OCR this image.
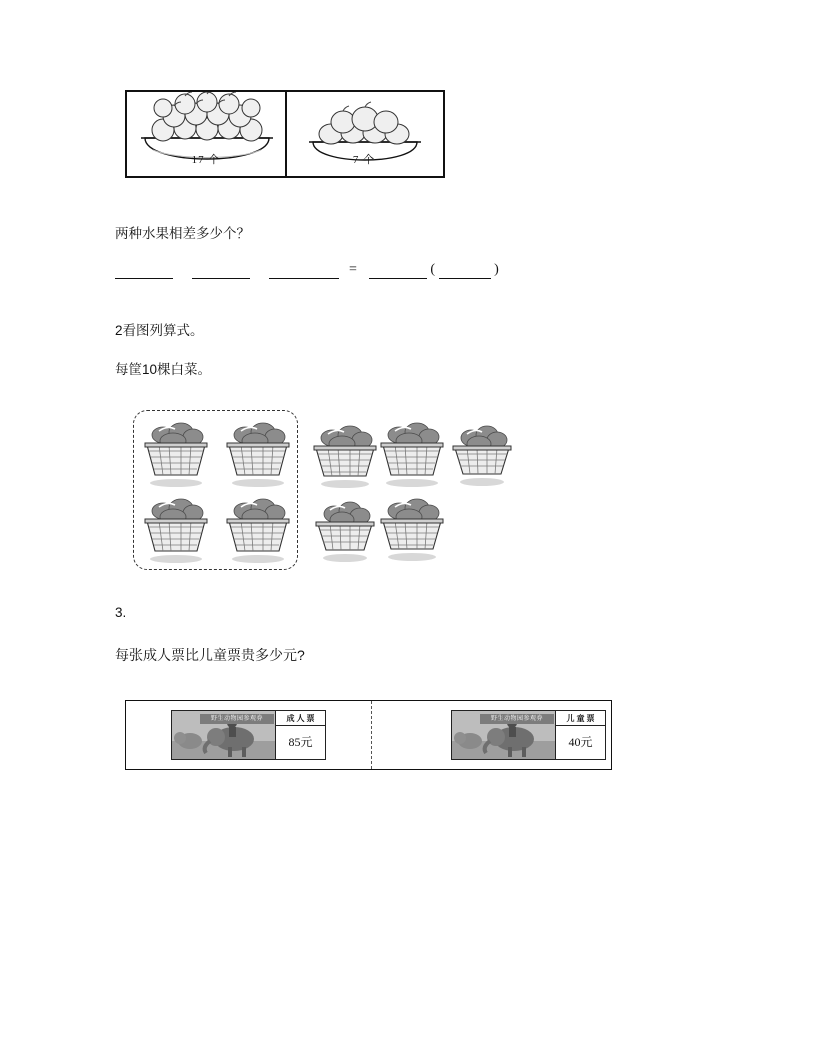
17 个	7 个
两种水果相差多少个？
=	(	)
2看图列算式。
每筐10棵白菜。
3.
每张成人票比儿童票贵多少元?
野生动物园参观券	成 人 票
85元
野生动物园参观券	儿 童 票
40元
